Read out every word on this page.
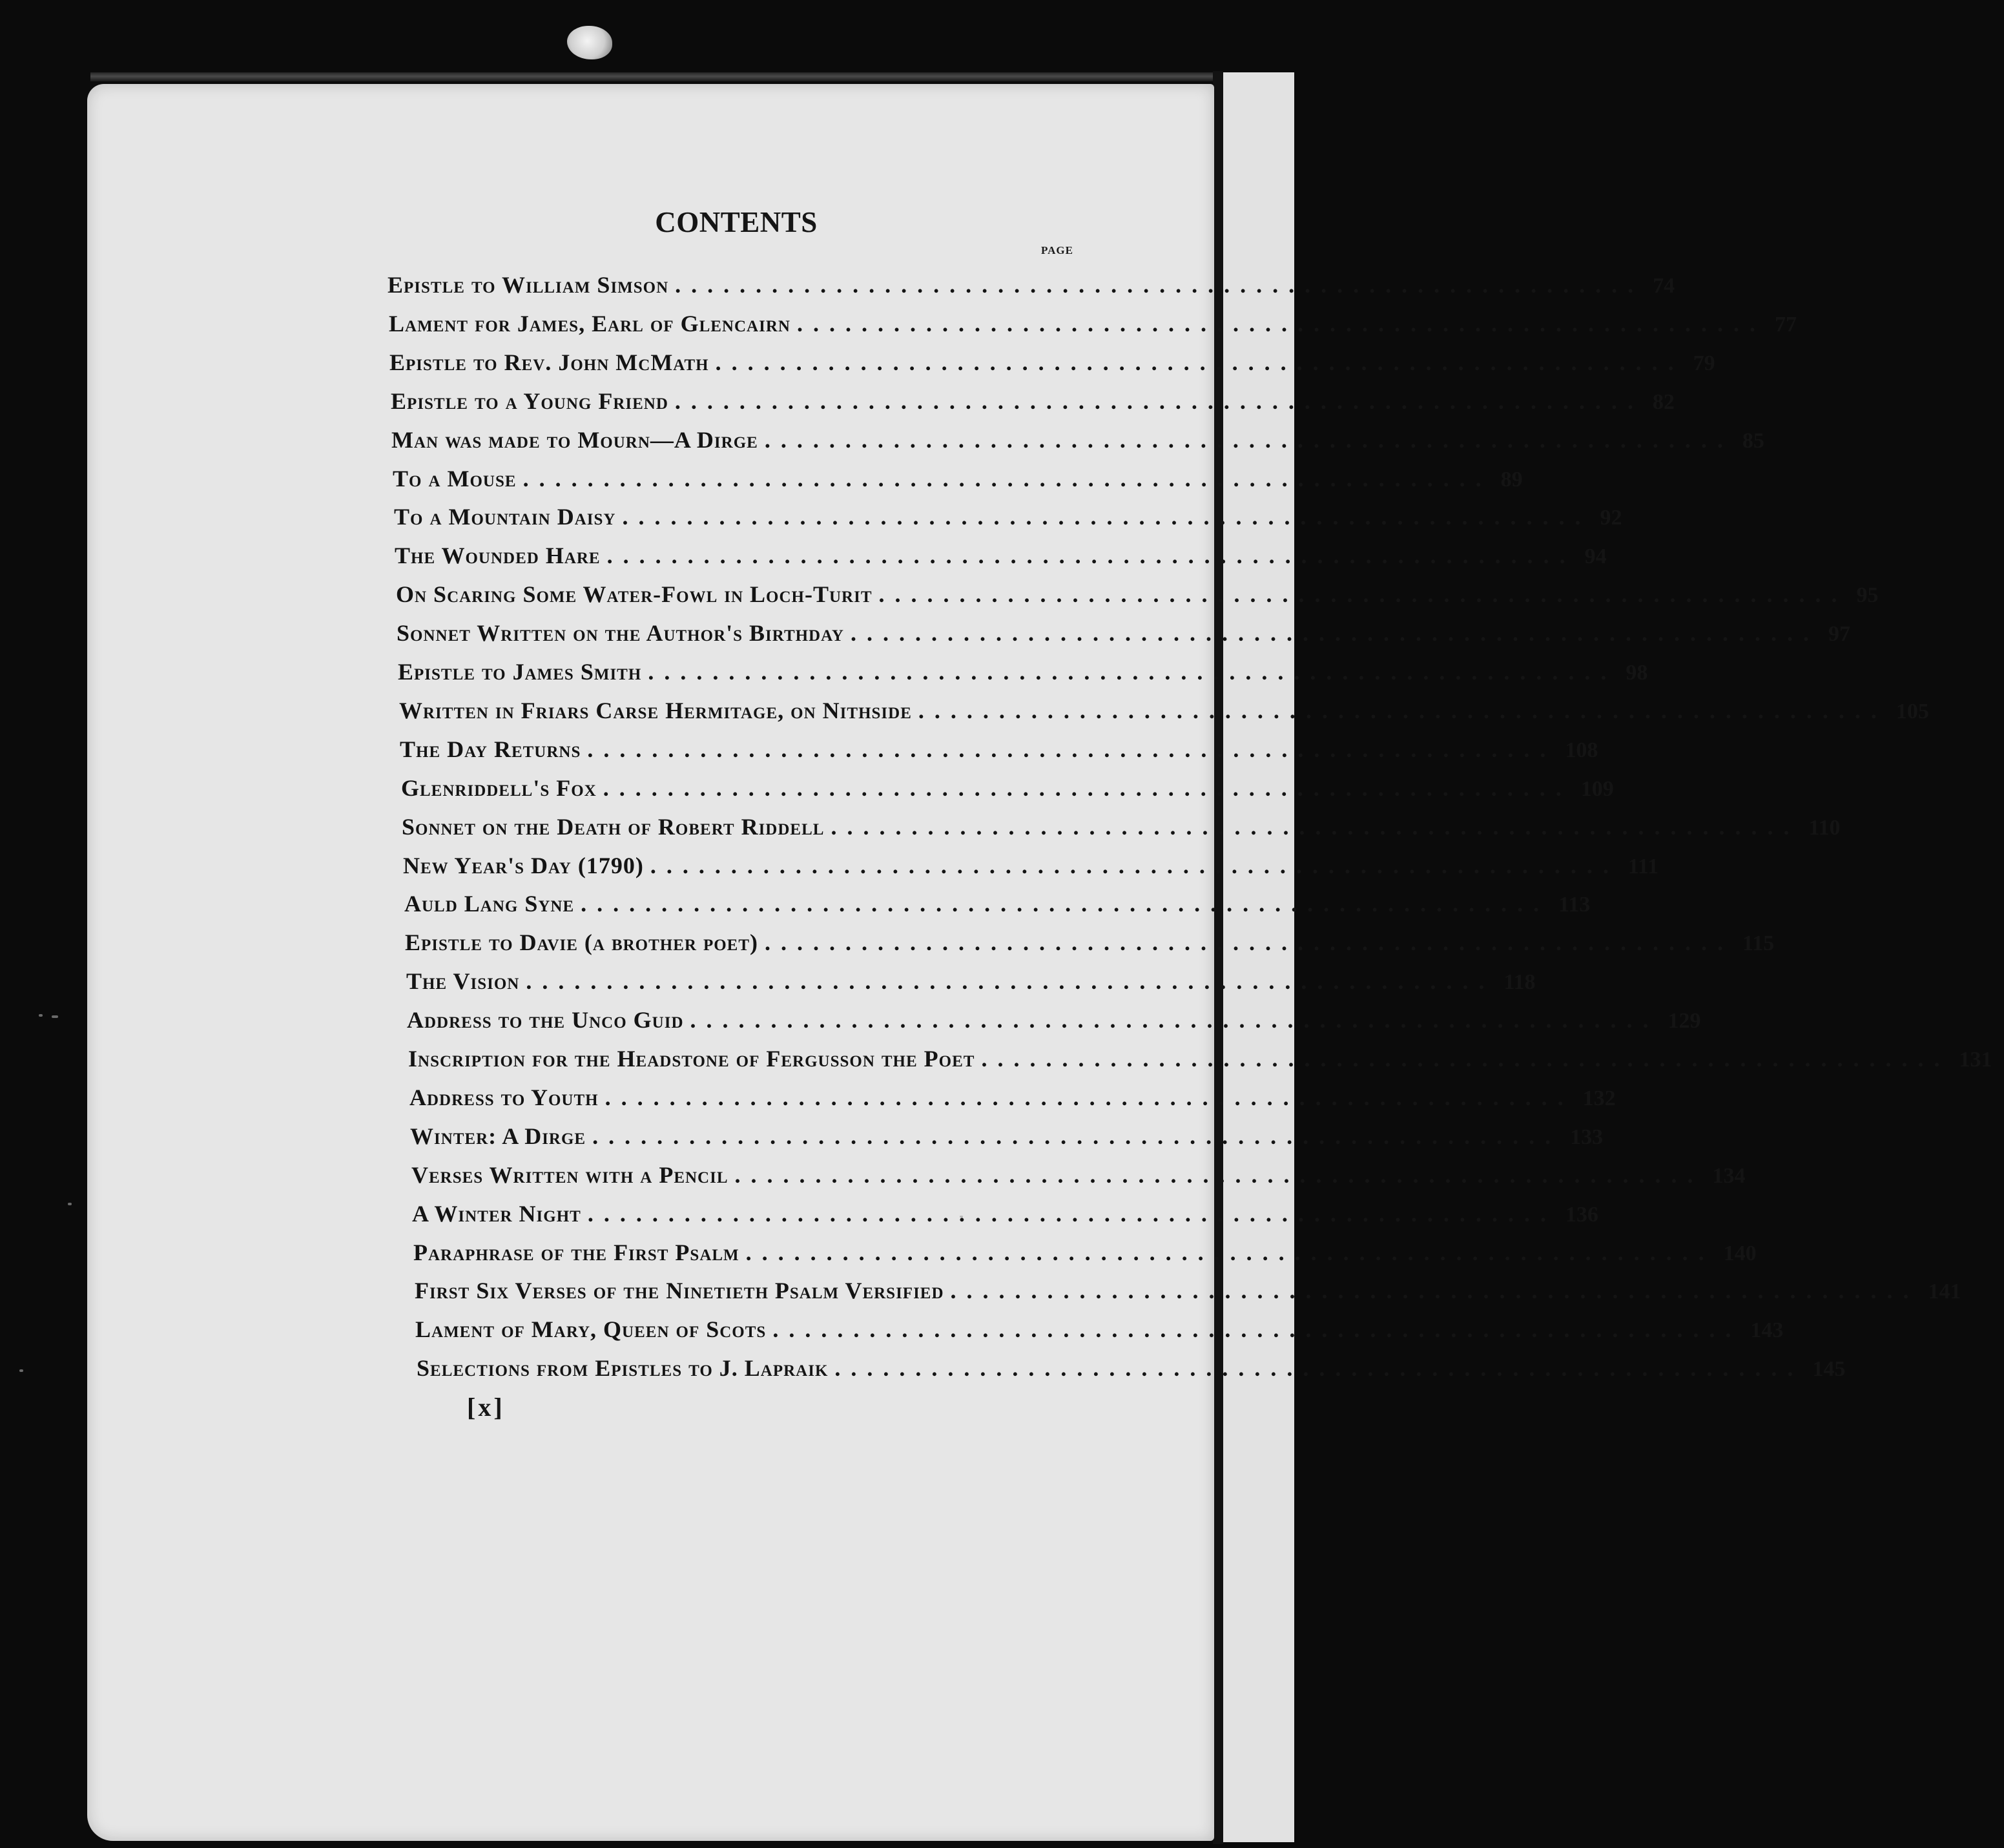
CONTENTS
PAGE
Epistle to William Simson ............................................................ 74
Lament for James, Earl of Glencairn ............................................................ 77
Epistle to Rev. John McMath ............................................................ 79
Epistle to a Young Friend ............................................................ 82
Man was made to Mourn—A Dirge ............................................................ 85
To a Mouse ............................................................ 89
To a Mountain Daisy ............................................................ 92
The Wounded Hare ............................................................ 94
On Scaring Some Water-Fowl in Loch-Turit ............................................................ 95
Sonnet Written on the Author's Birthday ............................................................ 97
Epistle to James Smith ............................................................ 98
Written in Friars Carse Hermitage, on Nithside ............................................................ 105
The Day Returns ............................................................ 108
Glenriddell's Fox ............................................................ 109
Sonnet on the Death of Robert Riddell ............................................................ 110
New Year's Day (1790) ............................................................ 111
Auld Lang Syne ............................................................ 113
Epistle to Davie (a brother poet) ............................................................ 115
The Vision ............................................................ 118
Address to the Unco Guid ............................................................ 129
Inscription for the Headstone of Fergusson the Poet ............................................................ 131
Address to Youth ............................................................ 132
Winter: A Dirge ............................................................ 133
Verses Written with a Pencil ............................................................ 134
A Winter Night ............................................................ 136
Paraphrase of the First Psalm ............................................................ 140
First Six Verses of the Ninetieth Psalm Versified ............................................................ 141
Lament of Mary, Queen of Scots ............................................................ 143
Selections from Epistles to J. Lapraik ............................................................ 145
[x]
